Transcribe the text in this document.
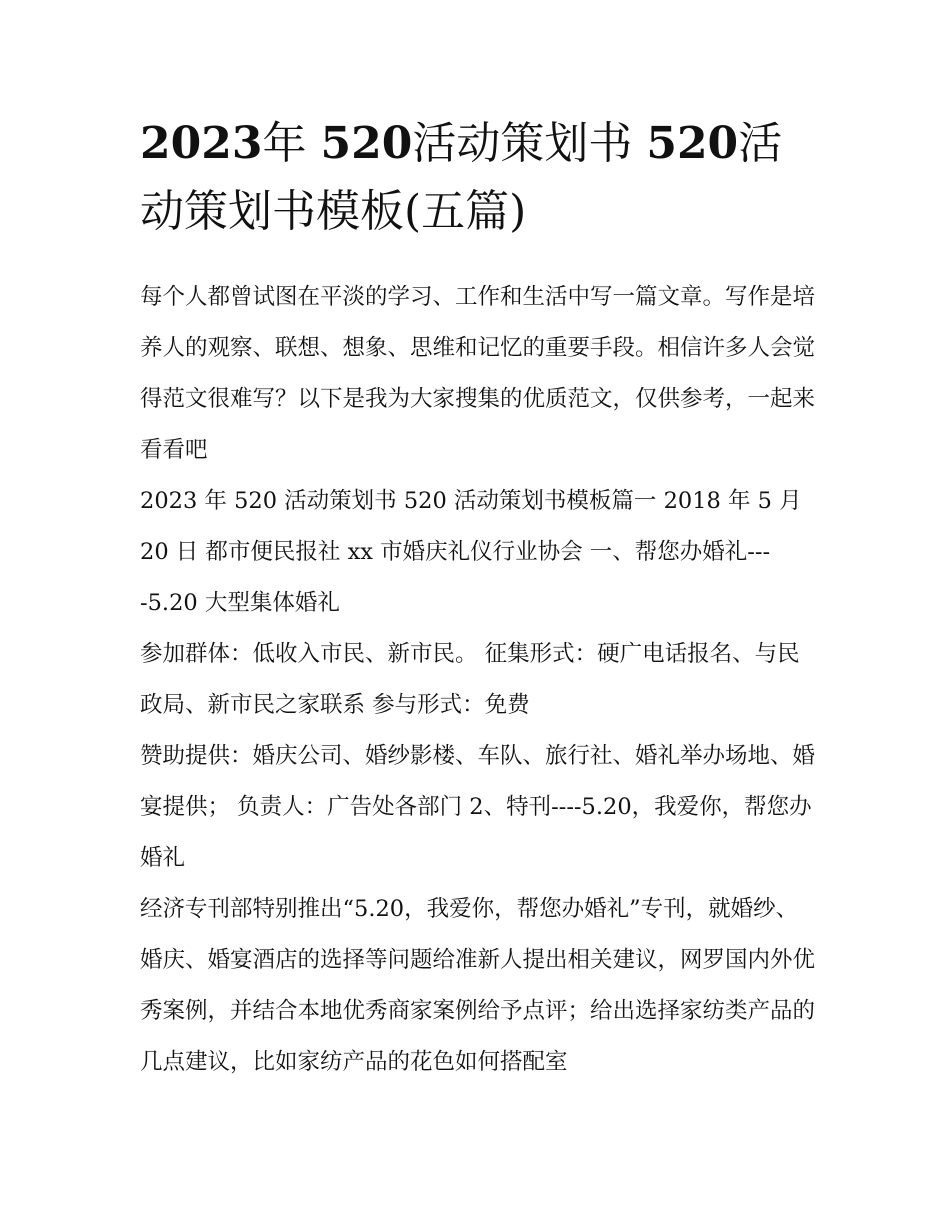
2023年 520活动策划书 520活动策划书模板(五篇)

每个人都曾试图在平淡的学习、工作和生活中写一篇文章。写作是培养人的观察、联想、想象、思维和记忆的重要手段。相信许多人会觉得范文很难写？以下是我为大家搜集的优质范文，仅供参考，一起来看看吧

2023 年 520 活动策划书 520 活动策划书模板篇一 2018 年 5 月 20 日 都市便民报社 xx 市婚庆礼仪行业协会 一、帮您办婚礼----5.20 大型集体婚礼

参加群体：低收入市民、新市民。 征集形式：硬广电话报名、与民政局、新市民之家联系 参与形式：免费

赞助提供：婚庆公司、婚纱影楼、车队、旅行社、婚礼举办场地、婚宴提供； 负责人：广告处各部门 2、特刊----5.20，我爱你，帮您办婚礼

经济专刊部特别推出“5.20，我爱你，帮您办婚礼”专刊，就婚纱、婚庆、婚宴酒店的选择等问题给准新人提出相关建议，网罗国内外优秀案例，并结合本地优秀商家案例给予点评；给出选择家纺类产品的几点建议，比如家纺产品的花色如何搭配室
